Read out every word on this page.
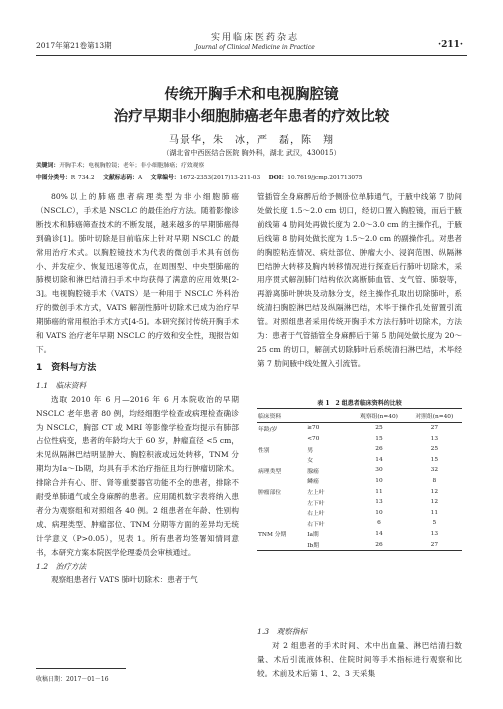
2017年第21卷第13期
实用临床医药杂志
Journal of Clinical Medicine in Practice	·211·
传统开胸手术和电视胸腔镜
治疗早期非小细胞肺癌老年患者的疗效比较
马景华，朱　冰，严　磊，陈　翔
（湖北省中西医结合医院 胸外科，湖北 武汉，430015）
关键词：开胸手术；电视胸腔镜；老年；非小细胞肺癌；疗效观察
中图分类号：R 734.2 文献标志码：A 文章编号：1672-2353(2017)13-211-03 DOI：10.7619/jcmp.201713075

80%以上的肺癌患者病理类型为非小细胞肺癌（NSCLC），手术是 NSCLC 的最佳治疗方法。随着影像诊断技术和肺癌筛查技术的不断发展，越来越多的早期肺癌得到确诊[1]。肺叶切除是目前临床上针对早期 NSCLC 的最常用治疗术式。以胸腔镜技术为代表的微创手术具有创伤小、并发症少、恢复迅速等优点，在周围型、中央型肺癌的肺楔切除和淋巴结清扫手术中均获得了满意的应用效果[2-3]。电视胸腔镜手术（VATS）是一种用于 NSCLC 外科治疗的微创手术方式，VATS 解剖性肺叶切除术已成为治疗早期肺癌的常用根治手术方式[4-5]。本研究探讨传统开胸手术和 VATS 治疗老年早期 NSCLC 的疗效和安全性，现报告如下。

1　资料与方法
1.1　临床资料

选取 2010 年 6 月—2016 年 6 月本院收治的早期 NSCLC 老年患者 80 例，均经细胞学检查或病理检查确诊为 NSCLC，胸部 CT 或 MRI 等影像学检查均提示有肺部占位性病变，患者的年龄均大于 60 岁，肿瘤直径 <5 cm，未见纵隔淋巴结明显肿大、胸腔积液或远处转移，TNM 分期均为Ⅰa～Ⅰb期，均具有手术治疗指征且均行肿瘤切除术。排除合并有心、肝、肾等重要器官功能不全的患者，排除不耐受单肺通气或全身麻醉的患者。应用随机数字表将纳入患者分为观察组和对照组各 40 例。2 组患者在年龄、性别构成、病理类型、肿瘤部位、TNM 分期等方面的差异均无统计学意义（P>0.05），见表 1。所有患者均签署知情同意书，本研究方案本院医学伦理委员会审核通过。

1.2　治疗方法

观察组患者行 VATS 肺叶切除术：患者于气

管插管全身麻醉后给予侧卧位单肺通气，于腋中线第 7 肋间处做长度 1.5～2.0 cm 切口，经切口置入胸腔镜，而后于腋前线第 4 肋间处再做长度为 2.0～3.0 cm 的主操作孔，于腋后线第 8 肋间处做长度为 1.5～2.0 cm 的副操作孔。对患者的胸腔粘连情况、病灶部位、肿瘤大小、浸润范围、纵隔淋巴结肿大转移及胸内转移情况进行探查后行肺叶切除术，采用序贯式解剖肺门结构依次离断肺血管、支气管、肺裂等，再游离肺叶肿块及动脉分支，经主操作孔取出切除肺叶，系统清扫胸腔淋巴结及纵隔淋巴结，术毕于操作孔处留置引流管。对照组患者采用传统开胸手术方法行肺叶切除术，方法为：患者于气管插管全身麻醉后于第 5 肋间处做长度为 20～25 cm 的切口，解剖式切除肺叶后系统清扫淋巴结，术毕经第 7 肋间腋中线处置入引流管。

表 1　2 组患者临床资料的比较
临床资料		观察组(n=40)	对照组(n=40)
年龄/岁	≥70	25	27
	<70	15	13
性别	男	26	25
	女	14	15
病理类型	腺癌	30	32
	鳞癌	10	8
肿瘤部位	左上叶	11	12
	左下叶	13	12
	右上叶	10	11
	右下叶	6	5
TNM 分期	Ⅰa期	14	13
	Ⅰb期	26	27
1.3　观察指标

对 2 组患者的手术时间、术中出血量、淋巴结清扫数量、术后引流液体积、住院时间等手术指标进行观察和比较。术前及术后第 1、2、3 天采集

收稿日期：2017－01－16
